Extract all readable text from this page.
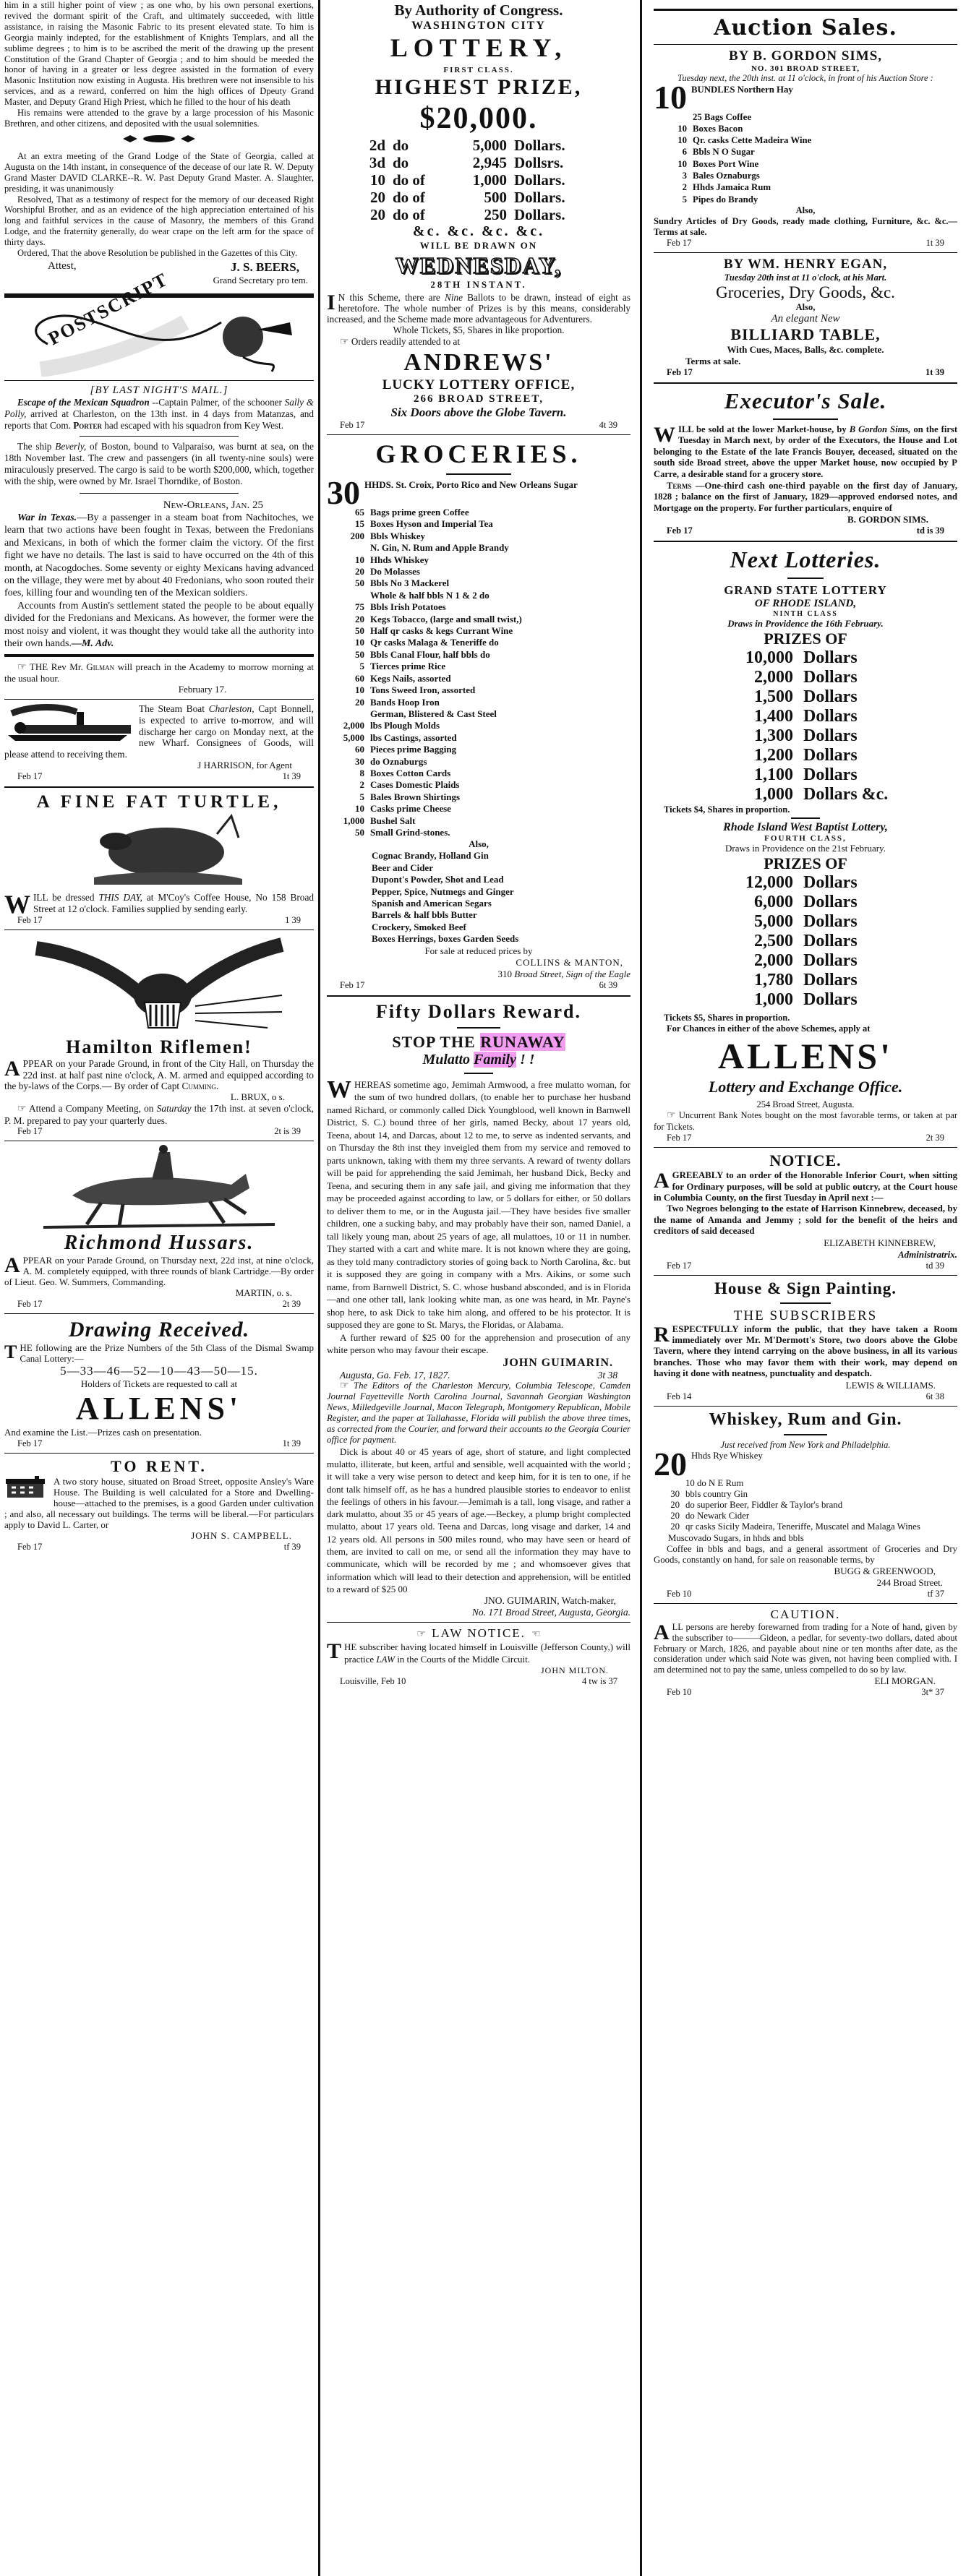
him in a still higher point of view ; as one who, by his own personal exertions, revived the dormant spirit of the Craft, and ultimately succeeded, with little assistance, in raising the Masonic Fabric to its present elevated state. To him is Georgia mainly indepted, for the establishment of Knights Templars, and all the sublime degrees ; to him is to be ascribed the merit of the drawing up the present Constitution of the Grand Chapter of Georgia ; and to him should be meeded the honor of having in a greater or less degree assisted in the formation of every Masonic Institution now existing in Augusta. His brethren were not insensible to his services, and as a reward, conferred on him the high offices of Dpeuty Grand Master, and Deputy Grand High Priest, which he filled to the hour of his death

His remains were attended to the grave by a large procession of his Masonic Brethren, and other citizens, and deposited with the usual solemnities.

At an extra meeting of the Grand Lodge of the State of Georgia, called at Augusta on the 14th instant, in consequence of the decease of our late R. W. Deputy Grand Master DAVID CLARKE--R. W. Past Deputy Grand Master. A. Slaughter, presiding, it was unanimously

Resolved, That as a testimony of respect for the memory of our deceased Right Worshipful Brother, and as an evidence of the high appreciation entertained of his long and faithful services in the cause of Masonry, the members of this Grand Lodge, and the fraternity generally, do wear crape on the left arm for the space of thirty days.

Ordered, That the above Resolution be published in the Gazettes of this City.

Attest,	J. S. BEERS,

Grand Secretary pro tem.

POSTSCRIPT

[BY LAST NIGHT'S MAIL.]

Escape of the Mexican Squadron --Captain Palmer, of the schooner Sally & Polly, arrived at Charleston, on the 13th inst. in 4 days from Matanzas, and reports that Com. Porter had escaped with his squadron from Key West.

The ship Beverly, of Boston, bound to Valparaiso, was burnt at sea, on the 18th November last. The crew and passengers (in all twenty-nine souls) were miraculously preserved. The cargo is said to be worth $200,000, which, together with the ship, were owned by Mr. Israel Thorndike, of Boston.

New-Orleans, Jan. 25

War in Texas.—By a passenger in a steam boat from Nachitoches, we learn that two actions have been fought in Texas, between the Fredonians and Mexicans, in both of which the former claim the victory. Of the first fight we have no details. The last is said to have occurred on the 4th of this month, at Nacogdoches. Some seventy or eighty Mexicans having advanced on the village, they were met by about 40 Fredonians, who soon routed their foes, killing four and wounding ten of the Mexican soldiers.

Accounts from Austin's settlement stated the people to be about equally divided for the Fredonians and Mexicans. As however, the former were the most noisy and violent, it was thought they would take all the authority into their own hands.—M. Adv.

☞ THE Rev Mr. Gilman will preach in the Academy to morrow morning at the usual hour.

February 17.

The Steam Boat Charleston, Capt Bonnell, is expected to arrive to-morrow, and will discharge her cargo on Monday next, at the new Wharf. Consignees of Goods, will please attend to receiving them.

J HARRISON, for Agent

Feb 17	1t 39

A FINE FAT TURTLE,

WILL be dressed THIS DAY, at M'Coy's Coffee House, No 158 Broad Street at 12 o'clock. Families supplied by sending early.

Feb 17	1 39

Hamilton Riflemen!

APPEAR on your Parade Ground, in front of the City Hall, on Thursday the 22d inst. at half past nine o'clock, A. M. armed and equipped according to the by-laws of the Corps.— By order of Capt Cumming.

L. BRUX, o s.

☞ Attend a Company Meeting, on Saturday the 17th inst. at seven o'clock, P. M. prepared to pay your quarterly dues.

Feb 17	2t is 39

Richmond Hussars.

APPEAR on your Parade Ground, on Thursday next, 22d inst, at nine o'clock, A. M. completely equipped, with three rounds of blank Cartridge.—By order of Lieut. Geo. W. Summers, Commanding.

MARTIN, o. s.

Feb 17	2t 39

Drawing Received.

THE following are the Prize Numbers of the 5th Class of the Dismal Swamp Canal Lottery:—

5—33—46—52—10—43—50—15.

Holders of Tickets are requested to call at

ALLENS'

And examine the List.—Prizes cash on presentation.

Feb 17	1t 39

TO RENT.

A two story house, situated on Broad Street, opposite Ansley's Ware House. The Building is well calculated for a Store and Dwelling-house—attached to the premises, is a good Garden under cultivation ; and also, all necessary out buildings. The terms will be liberal.—For particulars apply to David L. Carter, or

JOHN S. CAMPBELL.

Feb 17	tf 39

By Authority of Congress.

WASHINGTON CITY

LOTTERY,

FIRST CLASS.

HIGHEST PRIZE,

$20,000.

2d do	5,000 Dollars.
3d do	2,945 Dollsrs.
10 do of	1,000 Dollars.
20 do of	500 Dollars.
20 do of	250 Dollars.

&c. &c. &c. &c.

WILL BE DRAWN ON

WEDNESDAY,

28TH INSTANT.

I N this Scheme, there are Nine Ballots to be drawn, instead of eight as heretofore. The whole number of Prizes is by this means, considerably increased, and the Scheme made more advantageous for Adventurers.

Whole Tickets, $5, Shares in like proportion.

☞ Orders readily attended to at

ANDREWS'

LUCKY LOTTERY OFFICE,

266 BROAD STREET,

Six Doors above the Globe Tavern.

Feb 17	4t 39

GROCERIES.

30 HHDS. St. Croix, Porto Rico and New Orleans Sugar
65 Bags prime green Coffee
15 Boxes Hyson and Imperial Tea
200 Bbls Whiskey
N. Gin, N. Rum and Apple Brandy
10 Hhds Whiskey
20 Do Molasses
50 Bbls No 3 Mackerel
Whole & half bbls N 1 & 2 do
75 Bbls Irish Potatoes
20 Kegs Tobacco, (large and small twist,)
50 Half qr casks & kegs Currant Wine
10 Qr casks Malaga & Teneriffe do
50 Bbls Canal Flour, half bbls do
5 Tierces prime Rice
60 Kegs Nails, assorted
10 Tons Sweed Iron, assorted
20 Bands Hoop Iron
German, Blistered & Cast Steel
2,000 lbs Plough Molds
5,000 lbs Castings, assorted
60 Pieces prime Bagging
30 do Oznaburgs
8 Boxes Cotton Cards
2 Cases Domestic Plaids
5 Bales Brown Shirtings
10 Casks prime Cheese
1,000 Bushel Salt
50 Small Grind-stones.

Also,

Cognac Brandy, Holland Gin
Beer and Cider
Dupont's Powder, Shot and Lead
Pepper, Spice, Nutmegs and Ginger
Spanish and American Segars
Barrels & half bbls Butter
Crockery, Smoked Beef
Boxes Herrings, boxes Garden Seeds

For sale at reduced prices by

COLLINS & MANTON,

310 Broad Street, Sign of the Eagle

Feb 17	6t 39

Fifty Dollars Reward.

STOP THE RUNAWAY

Mulatto Family ! !

WHEREAS sometime ago, Jemimah Armwood, a free mulatto woman, for the sum of two hundred dollars, (to enable her to purchase her husband named Richard, or commonly called Dick Youngblood, well known in Barnwell District, S. C.) bound three of her girls, named Becky, about 17 years old, Teena, about 14, and Darcas, about 12 to me, to serve as indented servants, and on Thursday the 8th inst they inveigled them from my service and removed to parts unknown, taking with them my three servants. A reward of twenty dollars will be paid for apprehending the said Jemimah, her husband Dick, Becky and Teena, and securing them in any safe jail, and giving me information that they may be proceeded against according to law, or 5 dollars for either, or 50 dollars to deliver them to me, or in the Augusta jail.—They have besides five smaller children, one a sucking baby, and may probably have their son, named Daniel, a tall likely young man, about 25 years of age, all mulattoes, 10 or 11 in number. They started with a cart and white mare. It is not known where they are going, as they told many contradictory stories of going back to North Carolina, &c. but it is supposed they are going in company with a Mrs. Aikins, or some such name, from Barnwell District, S. C. whose husband absconded, and is in Florida—and one other tall, lank looking white man, as one was heard, in Mr. Payne's shop here, to ask Dick to take him along, and offered to be his protector. It is supposed they are gone to St. Marys, the Floridas, or Alabama.

A further reward of $25 00 for the apprehension and prosecution of any white person who may favour their escape.

JOHN GUIMARIN.

Augusta, Ga. Feb. 17, 1827.	3t 38

☞ The Editors of the Charleston Mercury, Columbia Telescope, Camden Journal Fayetteville North Carolina Journal, Savannah Georgian Washington News, Milledgeville Journal, Macon Telegraph, Montgomery Republican, Mobile Register, and the paper at Tallahasse, Florida will publish the above three times, as corrected from the Courier, and forward their accounts to the Georgia Courier office for payment.

Dick is about 40 or 45 years of age, short of stature, and light complected mulatto, illiterate, but keen, artful and sensible, well acquainted with the world ; it will take a very wise person to detect and keep him, for it is ten to one, if he dont talk himself off, as he has a hundred plausible stories to endeavor to enlist the feelings of others in his favour.—Jemimah is a tall, long visage, and rather a dark mulatto, about 35 or 45 years of age.—Beckey, a plump bright complected mulatto, about 17 years old. Teena and Darcas, long visage and darker, 14 and 12 years old. All persons in 500 miles round, who may have seen or heard of them, are invited to call on me, or send all the information they may have to communicate, which will be recorded by me ; and whomsoever gives that information which will lead to their detection and apprehension, will be entitled to a reward of $25 00

JNO. GUIMARIN, Watch-maker,

No. 171 Broad Street, Augusta, Georgia.

☞ LAW NOTICE. ☞

THE subscriber having located himself in Louisville (Jefferson County,) will practice LAW in the Courts of the Middle Circuit.

JOHN MILTON.

Louisville, Feb 10	4 tw is 37

Auction Sales.

BY B. GORDON SIMS,

NO. 301 BROAD STREET,

Tuesday next, the 20th inst. at 11 o'clock, in front of his Auction Store :

10 BUNDLES Northern Hay
25 Bags Coffee
10 Boxes Bacon
10 Qr. casks Cette Madeira Wine
6 Bbls N O Sugar
10 Boxes Port Wine
3 Bales Oznaburgs
2 Hhds Jamaica Rum
5 Pipes do Brandy

Also,

Sundry Articles of Dry Goods, ready made clothing, Furniture, &c. &c.—Terms at sale.

Feb 17	1t 39

BY WM. HENRY EGAN,

Tuesday 20th inst at 11 o'clock, at his Mart.

Groceries, Dry Goods, &c.

Also,

An elegant New

BILLIARD TABLE,

With Cues, Maces, Balls, &c. complete.

Terms at sale.

Feb 17	1t 39

Executor's Sale.

WILL be sold at the lower Market-house, by B Gordon Sims, on the first Tuesday in March next, by order of the Executors, the House and Lot belonging to the Estate of the late Francis Bouyer, deceased, situated on the south side Broad street, above the upper Market house, now occupied by P Carre, a desirable stand for a grocery store.

Terms —One-third cash one-third payable on the first day of January, 1828 ; balance on the first of January, 1829—approved endorsed notes, and Mortgage on the property. For further particulars, enquire of

B. GORDON SIMS.

Feb 17	td is 39

Next Lotteries.

GRAND STATE LOTTERY

OF RHODE ISLAND,

NINTH CLASS

Draws in Providence the 16th February.

PRIZES OF

10,000 Dollars
2,000 Dollars
1,500 Dollars
1,400 Dollars
1,300 Dollars
1,200 Dollars
1,100 Dollars
1,000 Dollars &c.

Tickets $4, Shares in proportion.

Rhode Island West Baptist Lottery,

FOURTH CLASS,

Draws in Providence on the 21st February.

PRIZES OF

12,000 Dollars
6,000 Dollars
5,000 Dollars
2,500 Dollars
2,000 Dollars
1,780 Dollars
1,000 Dollars

Tickets $5, Shares in proportion.

For Chances in either of the above Schemes, apply at

ALLENS'

Lottery and Exchange Office.

254 Broad Street, Augusta.

☞ Uncurrent Bank Notes bought on the most favorable terms, or taken at par for Tickets.

Feb 17	2t 39

NOTICE.

AGREEABLY to an order of the Honorable Inferior Court, when sitting for Ordinary purposes, will be sold at public outcry, at the Court house in Columbia County, on the first Tuesday in April next :—

Two Negroes belonging to the estate of Harrison Kinnebrew, deceased, by the name of Amanda and Jemmy ; sold for the benefit of the heirs and creditors of said deceased

ELIZABETH KINNEBREW,

Administratrix.

Feb 17	td 39

House & Sign Painting.

THE SUBSCRIBERS

RESPECTFULLY inform the public, that they have taken a Room immediately over Mr. M'Dermott's Store, two doors above the Globe Tavern, where they intend carrying on the above business, in all its various branches. Those who may favor them with their work, may depend on having it done with neatness, punctuality and despatch.

LEWIS & WILLIAMS.

Feb 14	6t 38

Whiskey, Rum and Gin.

Just received from New York and Philadelphia.

20 Hhds Rye Whiskey
10 do N E Rum
30 bbls country Gin
20 do superior Beer, Fiddler & Taylor's brand
20 do Newark Cider
20 qr casks Sicily Madeira, Teneriffe, Muscatel and Malaga Wines

Muscovado Sugars, in hhds and bbls

Coffee in bbls and bags, and a general assortment of Groceries and Dry Goods, constantly on hand, for sale on reasonable terms, by

BUGG & GREENWOOD,

244 Broad Street.

Feb 10	tf 37

CAUTION.

ALL persons are hereby forewarned from trading for a Note of hand, given by the subscriber to———Gideon, a pedlar, for seventy-two dollars, dated about February or March, 1826, and payable about nine or ten months after date, as the consideration under which said Note was given, not having been complied with. I am determined not to pay the same, unless compelled to do so by law.

ELI MORGAN.

Feb 10	3t* 37
